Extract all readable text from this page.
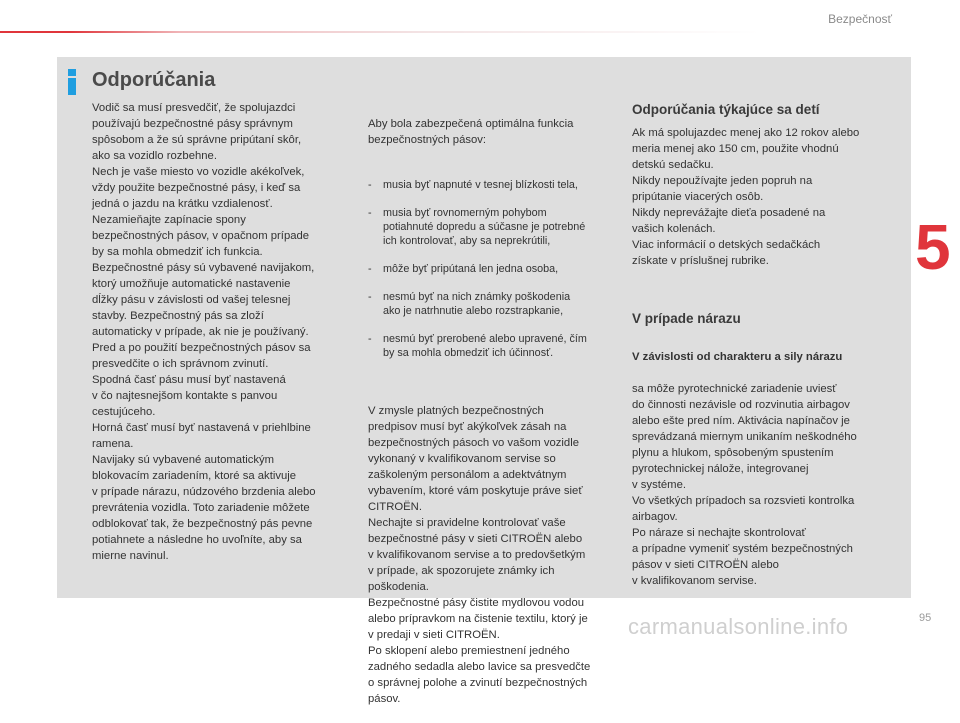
Bezpečnosť
Odporúčania
Vodič sa musí presvedčiť, že spolujazdci
používajú bezpečnostné pásy správnym
spôsobom a že sú správne pripútaní skôr,
ako sa vozidlo rozbehne.
Nech je vaše miesto vo vozidle akékoľvek,
vždy použite bezpečnostné pásy, i keď sa
jedná o jazdu na krátku vzdialenosť.
Nezamieňajte zapínacie spony
bezpečnostných pásov, v opačnom prípade
by sa mohla obmedziť ich funkcia.
Bezpečnostné pásy sú vybavené navijakom,
ktorý umožňuje automatické nastavenie
dĺžky pásu v závislosti od vašej telesnej
stavby. Bezpečnostný pás sa zloží
automaticky v prípade, ak nie je používaný.
Pred a po použití bezpečnostných pásov sa
presvedčite o ich správnom zvinutí.
Spodná časť pásu musí byť nastavená
v čo najtesnejšom kontakte s panvou
cestujúceho.
Horná časť musí byť nastavená v priehlbine
ramena.
Navijaky sú vybavené automatickým
blokovacím zariadením, ktoré sa aktivuje
v prípade nárazu, núdzového brzdenia alebo
prevrátenia vozidla. Toto zariadenie môžete
odblokovať tak, že bezpečnostný pás pevne
potiahnete a následne ho uvoľníte, aby sa
mierne navinul.

Aby bola zabezpečená optimálna funkcia
bezpečnostných pásov:

- musia byť napnuté v tesnej blízkosti tela,

- musia byť rovnomerným pohybom
potiahnuté dopredu a súčasne je potrebné
ich kontrolovať, aby sa neprekrútili,

- môže byť pripútaná len jedna osoba,

- nesmú byť na nich známky poškodenia
ako je natrhnutie alebo rozstrapkanie,

- nesmú byť prerobené alebo upravené, čím
by sa mohla obmedziť ich účinnosť.

V zmysle platných bezpečnostných
predpisov musí byť akýkoľvek zásah na
bezpečnostných pásoch vo vašom vozidle
vykonaný v kvalifikovanom servise so
zaškoleným personálom a adektvátnym
vybavením, ktoré vám poskytuje práve sieť
CITROËN.
Nechajte si pravidelne kontrolovať vaše
bezpečnostné pásy v sieti CITROËN alebo
v kvalifikovanom servise a to predovšetkým
v prípade, ak spozorujete známky ich
poškodenia.
Bezpečnostné pásy čistite mydlovou vodou
alebo prípravkom na čistenie textilu, ktorý je
v predaji v sieti CITROËN.
Po sklopení alebo premiestnení jedného
zadného sedadla alebo lavice sa presvedčte
o správnej polohe a zvinutí bezpečnostných
pásov.

Odporúčania týkajúce sa detí
Ak má spolujazdec menej ako 12 rokov alebo
meria menej ako 150 cm, použite vhodnú
detskú sedačku.
Nikdy nepoužívajte jeden popruh na
pripútanie viacerých osôb.
Nikdy neprevážajte dieťa posadené na
vašich kolenách.
Viac informácií o detských sedačkách
získate v príslušnej rubrike.
V prípade nárazu

V závislosti od charakteru a sily nárazu

sa môže pyrotechnické zariadenie uviesť
do činnosti nezávisle od rozvinutia airbagov
alebo ešte pred ním. Aktivácia napínačov je
sprevádzaná miernym unikaním neškodného
plynu a hlukom, spôsobeným spustením
pyrotechnickej nálože, integrovanej
v systéme.
Vo všetkých prípadoch sa rozsvieti kontrolka
airbagov.
Po náraze si nechajte skontrolovať
a prípadne vymeniť systém bezpečnostných
pásov v sieti CITROËN alebo
v kvalifikovanom servise.

5
carmanualsonline.info	95
